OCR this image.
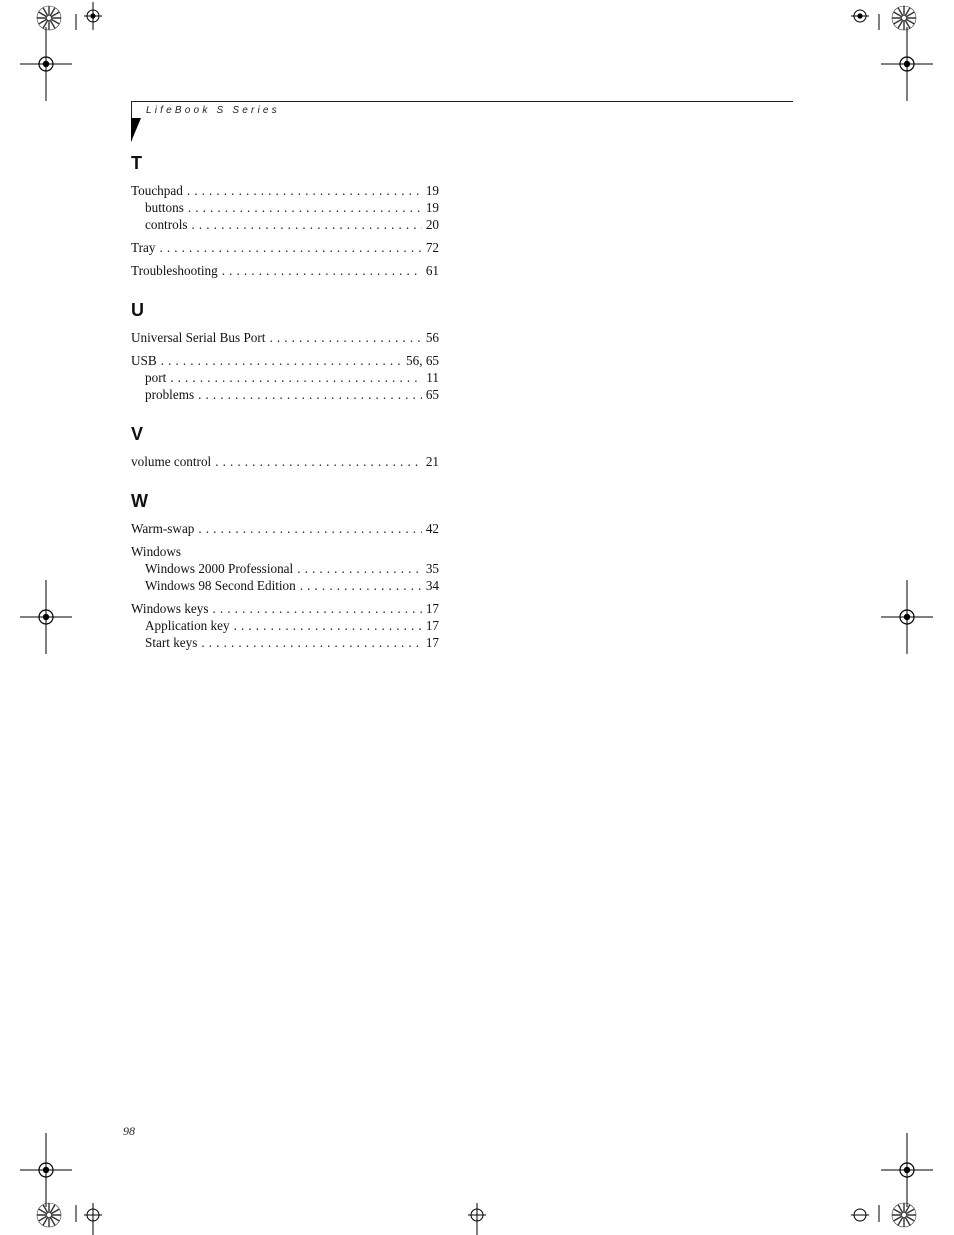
LifeBook S Series
T
Touchpad . . .	19
buttons . . .	19
controls . . .	20
Tray . . .	72
Troubleshooting . . .	61
U
Universal Serial Bus Port . . .	56
USB . . .	56, 65
port . . .	11
problems . . .	65
V
volume control . . .	21
W
Warm-swap . . .	42
Windows
Windows 2000 Professional . . .	35
Windows 98 Second Edition . . .	34
Windows keys . . .	17
Application key . . .	17
Start keys . . .	17
98
